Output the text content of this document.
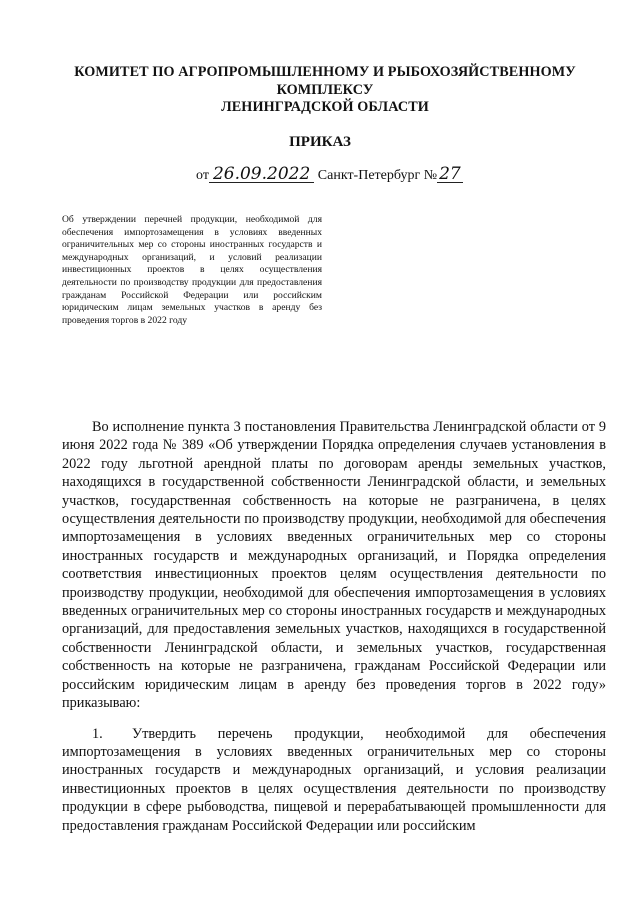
КОМИТЕТ ПО АГРОПРОМЫШЛЕННОМУ И РЫБОХОЗЯЙСТВЕННОМУ
КОМПЛЕКСУ
ЛЕНИНГРАДСКОЙ ОБЛАСТИ
ПРИКАЗ
от 26.09.2022 Санкт-Петербург № 27
Об утверждении перечней продукции, необходимой для обеспечения импортозамещения в условиях введенных ограничительных мер со стороны иностранных государств и международных организаций, и условий реализации инвестиционных проектов в целях осуществления деятельности по производству продукции для предоставления гражданам Российской Федерации или российским юридическим лицам земельных участков в аренду без проведения торгов в 2022 году

Во исполнение пункта 3 постановления Правительства Ленинградской области от 9 июня 2022 года № 389 «Об утверждении Порядка определения случаев установления в 2022 году льготной арендной платы по договорам аренды земельных участков, находящихся в государственной собственности Ленинградской области, и земельных участков, государственная собственность на которые не разграничена, в целях осуществления деятельности по производству продукции, необходимой для обеспечения импортозамещения в условиях введенных ограничительных мер со стороны иностранных государств и международных организаций, и Порядка определения соответствия инвестиционных проектов целям осуществления деятельности по производству продукции, необходимой для обеспечения импортозамещения в условиях введенных ограничительных мер со стороны иностранных государств и международных организаций, для предоставления земельных участков, находящихся в государственной собственности Ленинградской области, и земельных участков, государственная собственность на которые не разграничена, гражданам Российской Федерации или российским юридическим лицам в аренду без проведения торгов в 2022 году» приказываю:

1. Утвердить перечень продукции, необходимой для обеспечения импортозамещения в условиях введенных ограничительных мер со стороны иностранных государств и международных организаций, и условия реализации инвестиционных проектов в целях осуществления деятельности по производству продукции в сфере рыбоводства, пищевой и перерабатывающей промышленности для предоставления гражданам Российской Федерации или российским
